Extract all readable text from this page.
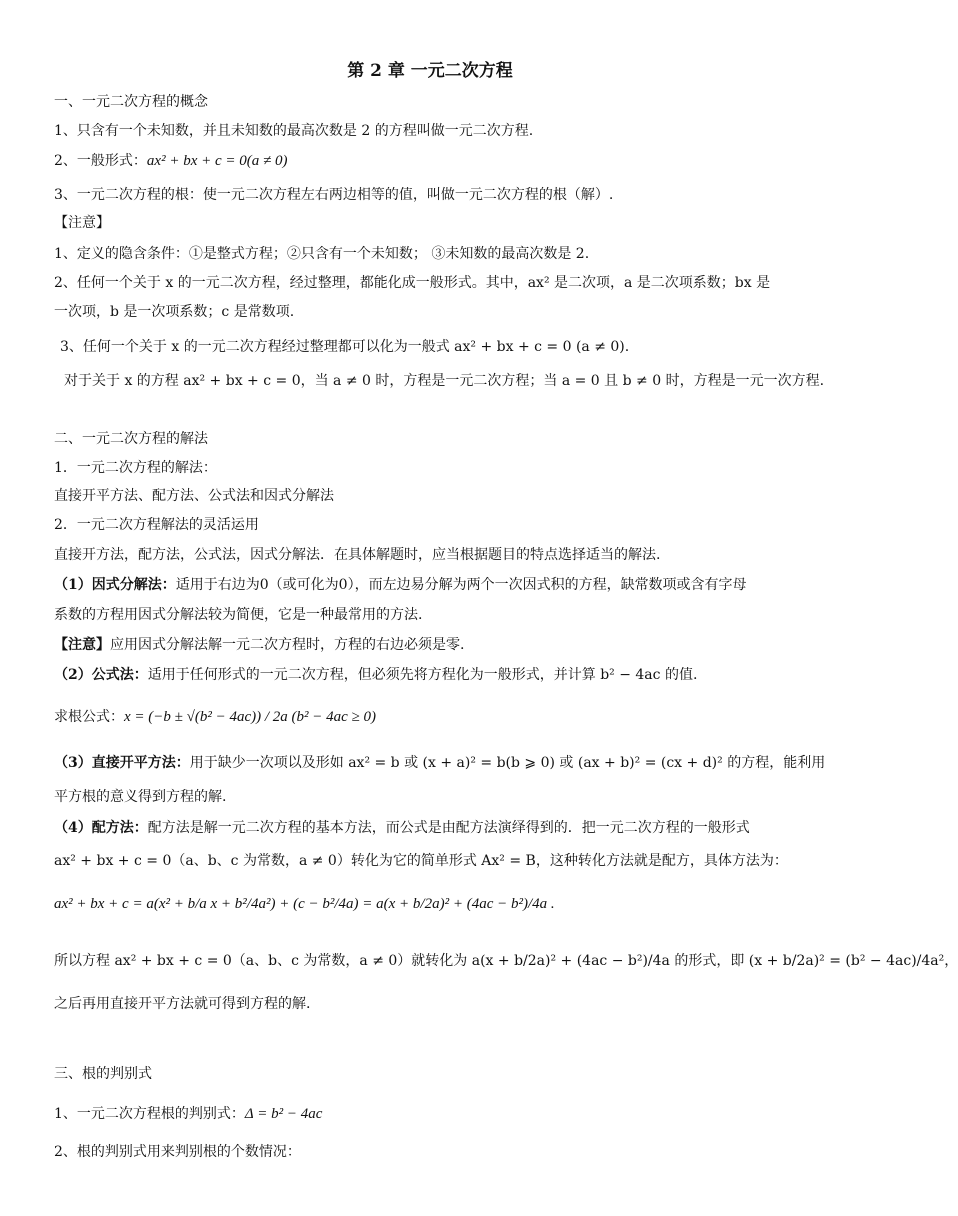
第 2 章 一元二次方程
一、一元二次方程的概念
1、只含有一个未知数，并且未知数的最高次数是 2 的方程叫做一元二次方程.
2、一般形式：ax² + bx + c = 0(a ≠ 0)
3、一元二次方程的根：使一元二次方程左右两边相等的值，叫做一元二次方程的根（解）.
【注意】
1、定义的隐含条件：①是整式方程；②只含有一个未知数； ③未知数的最高次数是 2.
2、任何一个关于 x 的一元二次方程，经过整理，都能化成一般形式。其中，ax² 是二次项，a 是二次项系数；bx 是
一次项，b 是一次项系数；c 是常数项.
3、任何一个关于 x 的一元二次方程经过整理都可以化为一般式 ax² + bx + c = 0 (a ≠ 0).
对于关于 x 的方程 ax² + bx + c = 0，当 a ≠ 0 时，方程是一元二次方程；当 a = 0 且 b ≠ 0 时，方程是一元一次方程.
二、一元二次方程的解法
1．一元二次方程的解法：
直接开平方法、配方法、公式法和因式分解法
2．一元二次方程解法的灵活运用
直接开方法，配方法，公式法，因式分解法．在具体解题时，应当根据题目的特点选择适当的解法.
（1）因式分解法：适用于右边为0（或可化为0），而左边易分解为两个一次因式积的方程，缺常数项或含有字母
系数的方程用因式分解法较为简便，它是一种最常用的方法.
【注意】应用因式分解法解一元二次方程时，方程的右边必须是零.
（2）公式法：适用于任何形式的一元二次方程，但必须先将方程化为一般形式，并计算 b² − 4ac 的值.
求根公式：x = (−b ± √(b² − 4ac)) / 2a (b² − 4ac ≥ 0)
（3）直接开平方法：用于缺少一次项以及形如 ax² = b 或 (x + a)² = b(b ⩾ 0) 或 (ax + b)² = (cx + d)² 的方程，能利用
平方根的意义得到方程的解.
（4）配方法：配方法是解一元二次方程的基本方法，而公式是由配方法演绎得到的．把一元二次方程的一般形式
ax² + bx + c = 0（a、b、c 为常数，a ≠ 0）转化为它的简单形式 Ax² = B，这种转化方法就是配方，具体方法为：
ax² + bx + c = a(x² + b/a x + b²/4a²) + (c − b²/4a) = a(x + b/2a)² + (4ac − b²)/4a .
所以方程 ax² + bx + c = 0（a、b、c 为常数，a ≠ 0）就转化为 a(x + b/2a)² + (4ac − b²)/4a 的形式，即 (x + b/2a)² = (b² − 4ac)/4a²，
之后再用直接开平方法就可得到方程的解.
三、根的判别式
1、一元二次方程根的判别式：Δ = b² − 4ac
2、根的判别式用来判别根的个数情况：
